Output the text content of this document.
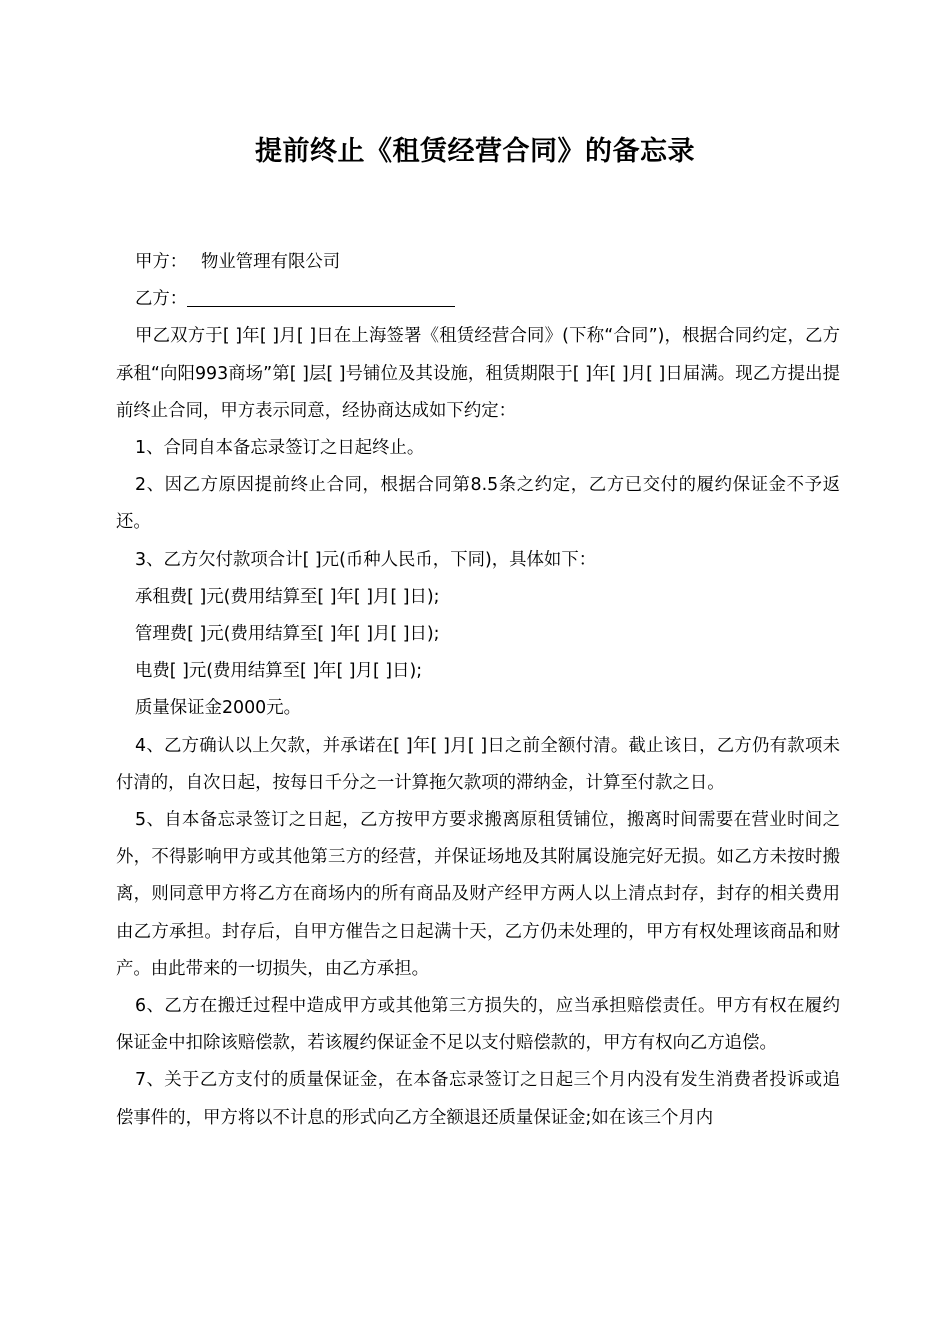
提前终止《租赁经营合同》的备忘录
甲方： 物业管理有限公司
乙方：

甲乙双方于[ ]年[ ]月[ ]日在上海签署《租赁经营合同》(下称“合同”)，根据合同约定，乙方承租“向阳993商场”第[ ]层[ ]号铺位及其设施，租赁期限于[ ]年[ ]月[ ]日届满。现乙方提出提前终止合同，甲方表示同意，经协商达成如下约定：

1、合同自本备忘录签订之日起终止。

2、因乙方原因提前终止合同，根据合同第8.5条之约定，乙方已交付的履约保证金不予返还。

3、乙方欠付款项合计[ ]元(币种人民币，下同)，具体如下：

承租费[ ]元(费用结算至[ ]年[ ]月[ ]日);

管理费[ ]元(费用结算至[ ]年[ ]月[ ]日);

电费[ ]元(费用结算至[ ]年[ ]月[ ]日);

质量保证金2000元。

4、乙方确认以上欠款，并承诺在[ ]年[ ]月[ ]日之前全额付清。截止该日，乙方仍有款项未付清的，自次日起，按每日千分之一计算拖欠款项的滞纳金，计算至付款之日。

5、自本备忘录签订之日起，乙方按甲方要求搬离原租赁铺位，搬离时间需要在营业时间之外，不得影响甲方或其他第三方的经营，并保证场地及其附属设施完好无损。如乙方未按时搬离，则同意甲方将乙方在商场内的所有商品及财产经甲方两人以上清点封存，封存的相关费用由乙方承担。封存后，自甲方催告之日起满十天，乙方仍未处理的，甲方有权处理该商品和财产。由此带来的一切损失，由乙方承担。

6、乙方在搬迁过程中造成甲方或其他第三方损失的，应当承担赔偿责任。甲方有权在履约保证金中扣除该赔偿款，若该履约保证金不足以支付赔偿款的，甲方有权向乙方追偿。

7、关于乙方支付的质量保证金，在本备忘录签订之日起三个月内没有发生消费者投诉或追偿事件的，甲方将以不计息的形式向乙方全额退还质量保证金;如在该三个月内
